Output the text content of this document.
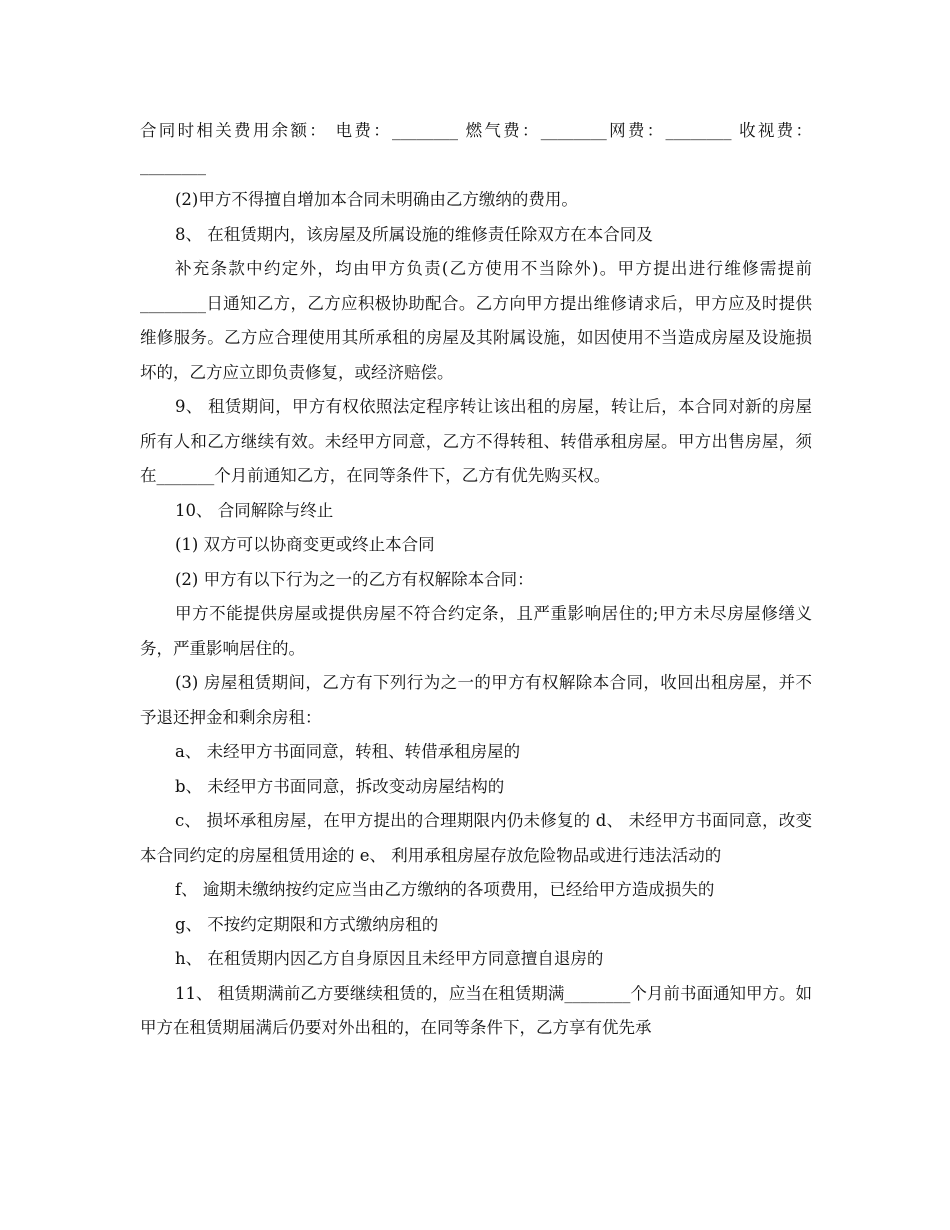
合同时相关费用余额： 电费：________ 燃气费：________网费：________ 收视费：________

(2)甲方不得擅自增加本合同未明确由乙方缴纳的费用。

8、 在租赁期内，该房屋及所属设施的维修责任除双方在本合同及

补充条款中约定外，均由甲方负责(乙方使用不当除外)。甲方提出进行维修需提前________日通知乙方，乙方应积极协助配合。乙方向甲方提出维修请求后，甲方应及时提供维修服务。乙方应合理使用其所承租的房屋及其附属设施，如因使用不当造成房屋及设施损坏的，乙方应立即负责修复，或经济赔偿。

9、 租赁期间，甲方有权依照法定程序转让该出租的房屋，转让后，本合同对新的房屋所有人和乙方继续有效。未经甲方同意，乙方不得转租、转借承租房屋。甲方出售房屋，须在_______个月前通知乙方，在同等条件下，乙方有优先购买权。

10、 合同解除与终止

(1) 双方可以协商变更或终止本合同

(2) 甲方有以下行为之一的乙方有权解除本合同：

甲方不能提供房屋或提供房屋不符合约定条，且严重影响居住的;甲方未尽房屋修缮义务，严重影响居住的。

(3) 房屋租赁期间，乙方有下列行为之一的甲方有权解除本合同，收回出租房屋，并不予退还押金和剩余房租：

a、 未经甲方书面同意，转租、转借承租房屋的

b、 未经甲方书面同意，拆改变动房屋结构的

c、 损坏承租房屋，在甲方提出的合理期限内仍未修复的 d、 未经甲方书面同意，改变本合同约定的房屋租赁用途的 e、 利用承租房屋存放危险物品或进行违法活动的

f、 逾期未缴纳按约定应当由乙方缴纳的各项费用，已经给甲方造成损失的

g、 不按约定期限和方式缴纳房租的

h、 在租赁期内因乙方自身原因且未经甲方同意擅自退房的

11、 租赁期满前乙方要继续租赁的，应当在租赁期满________个月前书面通知甲方。如甲方在租赁期届满后仍要对外出租的，在同等条件下，乙方享有优先承
